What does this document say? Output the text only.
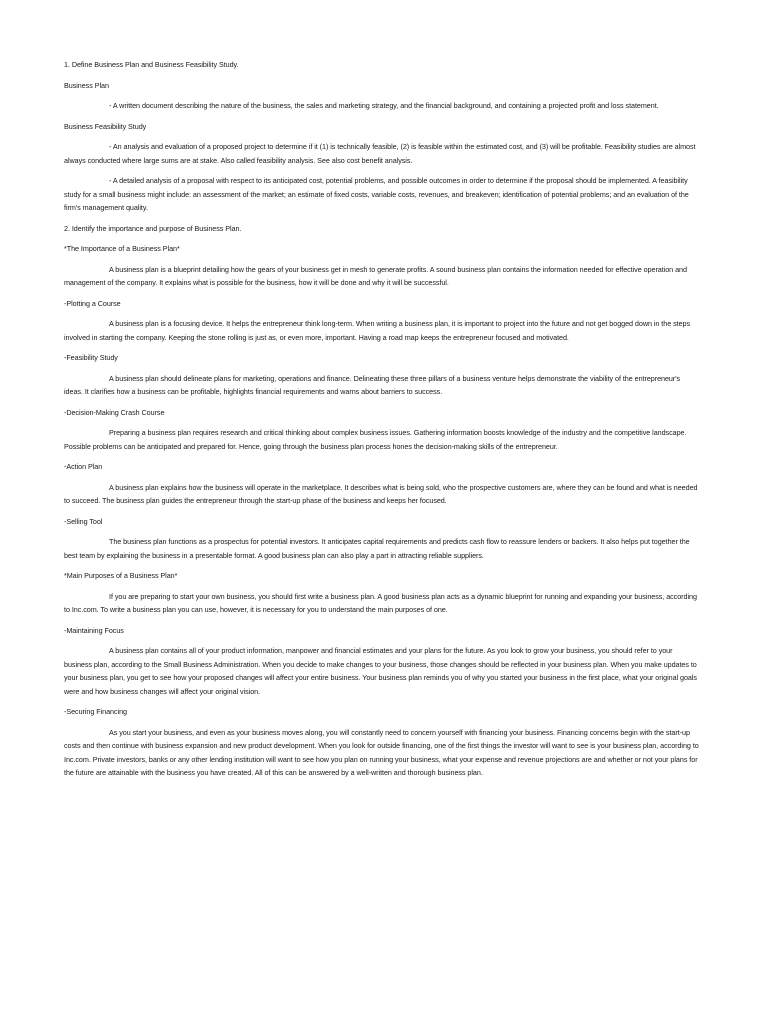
1. Define Business Plan and Business Feasibility Study.

Business Plan

- A written document describing the nature of the business, the sales and marketing strategy, and the financial background, and containing a projected profit and loss statement.

Business Feasibility Study

- An analysis and evaluation of a proposed project to determine if it (1) is technically feasible, (2) is feasible within the estimated cost, and (3) will be profitable. Feasibility studies are almost always conducted where large sums are at stake. Also called feasibility analysis. See also cost benefit analysis.

- A detailed analysis of a proposal with respect to its anticipated cost, potential problems, and possible outcomes in order to determine if the proposal should be implemented. A feasibility study for a small business might include: an assessment of the market; an estimate of fixed costs, variable costs, revenues, and breakeven; identification of potential problems; and an evaluation of the firm's management quality.

2. Identify the importance and purpose of Business Plan.

*The Importance of a Business Plan*

A business plan is a blueprint detailing how the gears of your business get in mesh to generate profits. A sound business plan contains the information needed for effective operation and management of the company. It explains what is possible for the business, how it will be done and why it will be successful.

-Plotting a Course

A business plan is a focusing device. It helps the entrepreneur think long-term. When writing a business plan, it is important to project into the future and not get bogged down in the steps involved in starting the company. Keeping the stone rolling is just as, or even more, important. Having a road map keeps the entrepreneur focused and motivated.

-Feasibility Study

A business plan should delineate plans for marketing, operations and finance. Delineating these three pillars of a business venture helps demonstrate the viability of the entrepreneur's ideas. It clarifies how a business can be profitable, highlights financial requirements and warns about barriers to success.

-Decision-Making Crash Course

Preparing a business plan requires research and critical thinking about complex business issues. Gathering information boosts knowledge of the industry and the competitive landscape. Possible problems can be anticipated and prepared for. Hence, going through the business plan process hones the decision-making skills of the entrepreneur.

-Action Plan

A business plan explains how the business will operate in the marketplace. It describes what is being sold, who the prospective customers are, where they can be found and what is needed to succeed. The business plan guides the entrepreneur through the start-up phase of the business and keeps her focused.

-Selling Tool

The business plan functions as a prospectus for potential investors. It anticipates capital requirements and predicts cash flow to reassure lenders or backers. It also helps put together the best team by explaining the business in a presentable format. A good business plan can also play a part in attracting reliable suppliers.

*Main Purposes of a Business Plan*

If you are preparing to start your own business, you should first write a business plan. A good business plan acts as a dynamic blueprint for running and expanding your business, according to Inc.com. To write a business plan you can use, however, it is necessary for you to understand the main purposes of one.

-Maintaining Focus

A business plan contains all of your product information, manpower and financial estimates and your plans for the future. As you look to grow your business, you should refer to your business plan, according to the Small Business Administration. When you decide to make changes to your business, those changes should be reflected in your business plan. When you make updates to your business plan, you get to see how your proposed changes will affect your entire business. Your business plan reminds you of why you started your business in the first place, what your original goals were and how business changes will affect your original vision.

-Securing Financing

As you start your business, and even as your business moves along, you will constantly need to concern yourself with financing your business. Financing concerns begin with the start-up costs and then continue with business expansion and new product development. When you look for outside financing, one of the first things the investor will want to see is your business plan, according to Inc.com. Private investors, banks or any other lending institution will want to see how you plan on running your business, what your expense and revenue projections are and whether or not your plans for the future are attainable with the business you have created. All of this can be answered by a well-written and thorough business plan.
